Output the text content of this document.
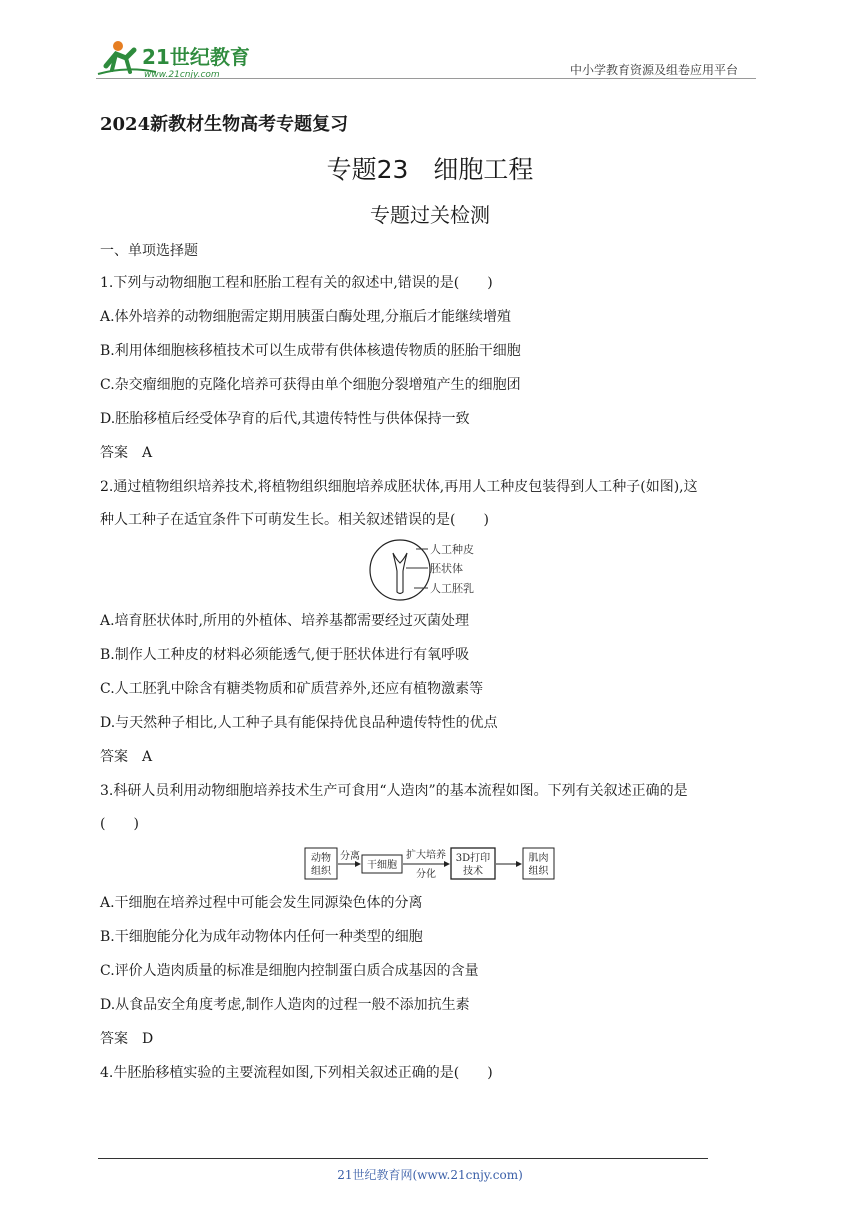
21世纪教育
www.21cnjy.com	中小学教育资源及组卷应用平台
2024新教材生物高考专题复习
专题23　细胞工程
专题过关检测
一、单项选择题
1.下列与动物细胞工程和胚胎工程有关的叙述中,错误的是(　　)
A.体外培养的动物细胞需定期用胰蛋白酶处理,分瓶后才能继续增殖
B.利用体细胞核移植技术可以生成带有供体核遗传物质的胚胎干细胞
C.杂交瘤细胞的克隆化培养可获得由单个细胞分裂增殖产生的细胞团
D.胚胎移植后经受体孕育的后代,其遗传特性与供体保持一致
答案 A
2.通过植物组织培养技术,将植物组织细胞培养成胚状体,再用人工种皮包装得到人工种子(如图),这
种人工种子在适宜条件下可萌发生长。相关叙述错误的是(　　)
人工种皮
胚状体
人工胚乳
A.培育胚状体时,所用的外植体、培养基都需要经过灭菌处理
B.制作人工种皮的材料必须能透气,便于胚状体进行有氧呼吸
C.人工胚乳中除含有糖类物质和矿质营养外,还应有植物激素等
D.与天然种子相比,人工种子具有能保持优良品种遗传特性的优点
答案 A
3.科研人员利用动物细胞培养技术生产可食用“人造肉”的基本流程如图。下列有关叙述正确的是
(　　)
动物
组织
分离
干细胞
扩大培养
分化
3D打印
技术
肌肉
组织
A.干细胞在培养过程中可能会发生同源染色体的分离
B.干细胞能分化为成年动物体内任何一种类型的细胞
C.评价人造肉质量的标准是细胞内控制蛋白质合成基因的含量
D.从食品安全角度考虑,制作人造肉的过程一般不添加抗生素
答案 D
4.牛胚胎移植实验的主要流程如图,下列相关叙述正确的是(　　)
21世纪教育网(www.21cnjy.com)
